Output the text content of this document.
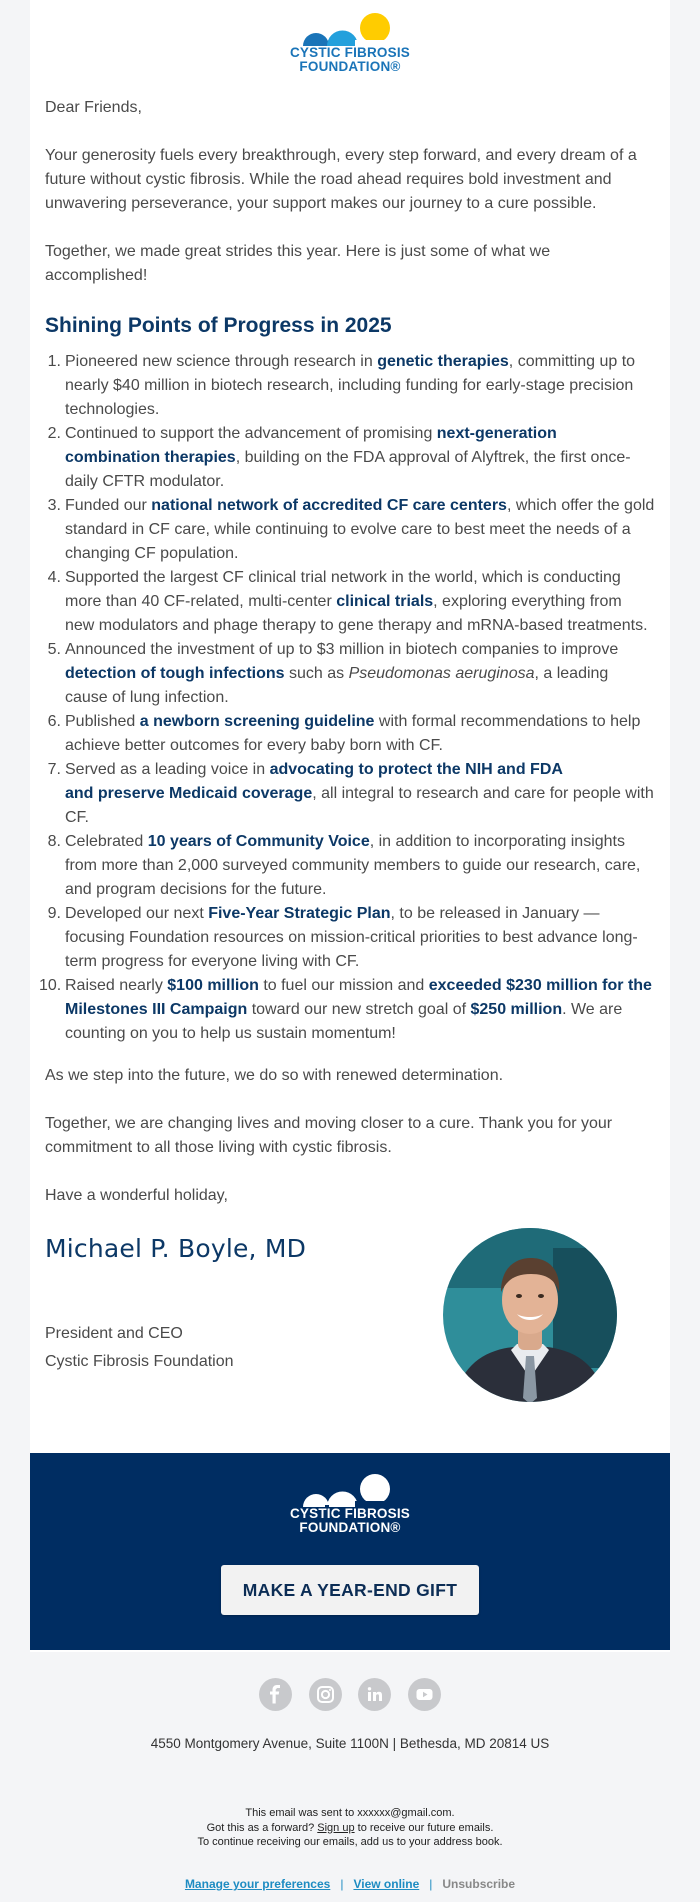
CYSTIC FIBROSIS
FOUNDATION®

Dear Friends,

Your generosity fuels every breakthrough, every step forward, and every dream of a future without cystic fibrosis. While the road ahead requires bold investment and unwavering perseverance, your support makes our journey to a cure possible.

Together, we made great strides this year. Here is just some of what we accomplished!

Shining Points of Progress in 2025
1. Pioneered new science through research in genetic therapies, committing up to nearly $40 million in biotech research, including funding for early-stage precision technologies.
2. Continued to support the advancement of promising next-generation combination therapies, building on the FDA approval of Alyftrek, the first once-daily CFTR modulator.
3. Funded our national network of accredited CF care centers, which offer the gold standard in CF care, while continuing to evolve care to best meet the needs of a changing CF population.
4. Supported the largest CF clinical trial network in the world, which is conducting more than 40 CF-related, multi-center clinical trials, exploring everything from new modulators and phage therapy to gene therapy and mRNA-based treatments.
5. Announced the investment of up to $3 million in biotech companies to improve detection of tough infections such as Pseudomonas aeruginosa, a leading cause of lung infection.
6. Published a newborn screening guideline with formal recommendations to help achieve better outcomes for every baby born with CF.
7. Served as a leading voice in advocating to protect the NIH and FDA
and preserve Medicaid coverage, all integral to research and care for people with CF.
8. Celebrated 10 years of Community Voice, in addition to incorporating insights from more than 2,000 surveyed community members to guide our research, care, and program decisions for the future.
9. Developed our next Five-Year Strategic Plan, to be released in January — focusing Foundation resources on mission-critical priorities to best advance long-term progress for everyone living with CF.
10. Raised nearly $100 million to fuel our mission and exceeded $230 million for the Milestones III Campaign toward our new stretch goal of $250 million. We are counting on you to help us sustain momentum!

As we step into the future, we do so with renewed determination.

Together, we are changing lives and moving closer to a cure. Thank you for your commitment to all those living with cystic fibrosis.

Have a wonderful holiday,

Michael P. Boyle, MD
President and CEO
Cystic Fibrosis Foundation
CYSTIC FIBROSIS
FOUNDATION®
MAKE A YEAR-END GIFT

4550 Montgomery Avenue, Suite 1100N | Bethesda, MD 20814 US
This email was sent to xxxxxx@gmail.com.
Got this as a forward? Sign up to receive our future emails.
To continue receiving our emails, add us to your address book.
Manage your preferences | View online | Unsubscribe
